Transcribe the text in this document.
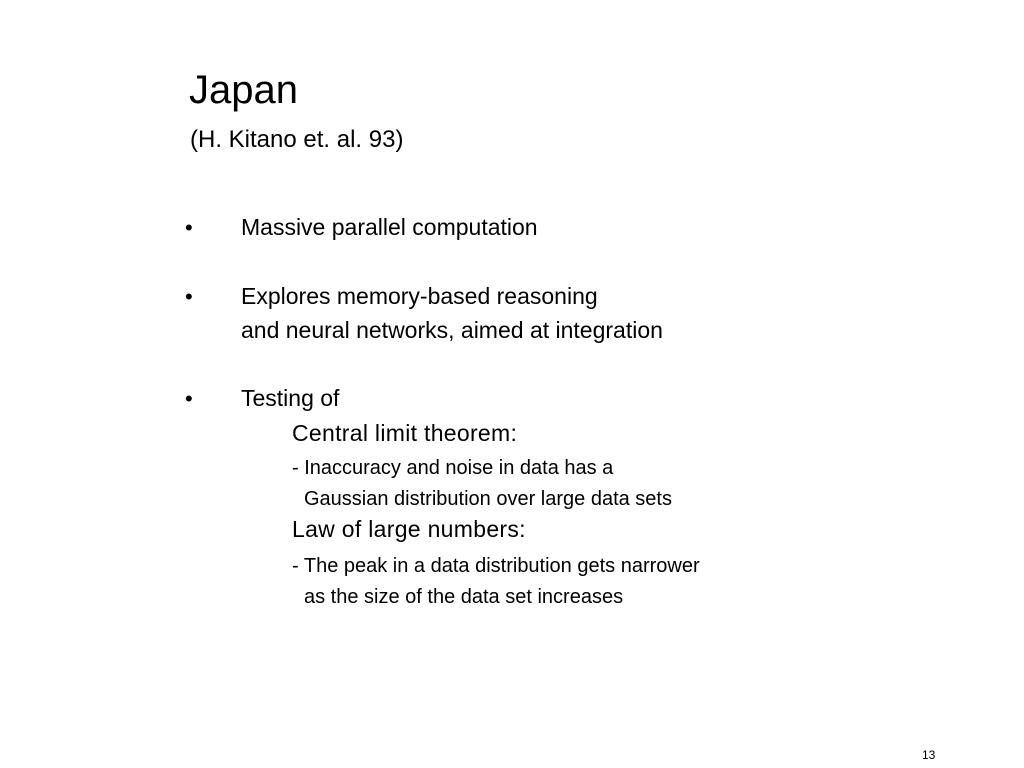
Japan
(H. Kitano et. al. 93)
• Massive parallel computation
• Explores memory-based reasoning
and neural networks, aimed at integration
• Testing of
Central limit theorem:
- Inaccuracy and noise in data has a
Gaussian distribution over large data sets
Law of large numbers:
- The peak in a data distribution gets narrower
as the size of the data set increases
13
